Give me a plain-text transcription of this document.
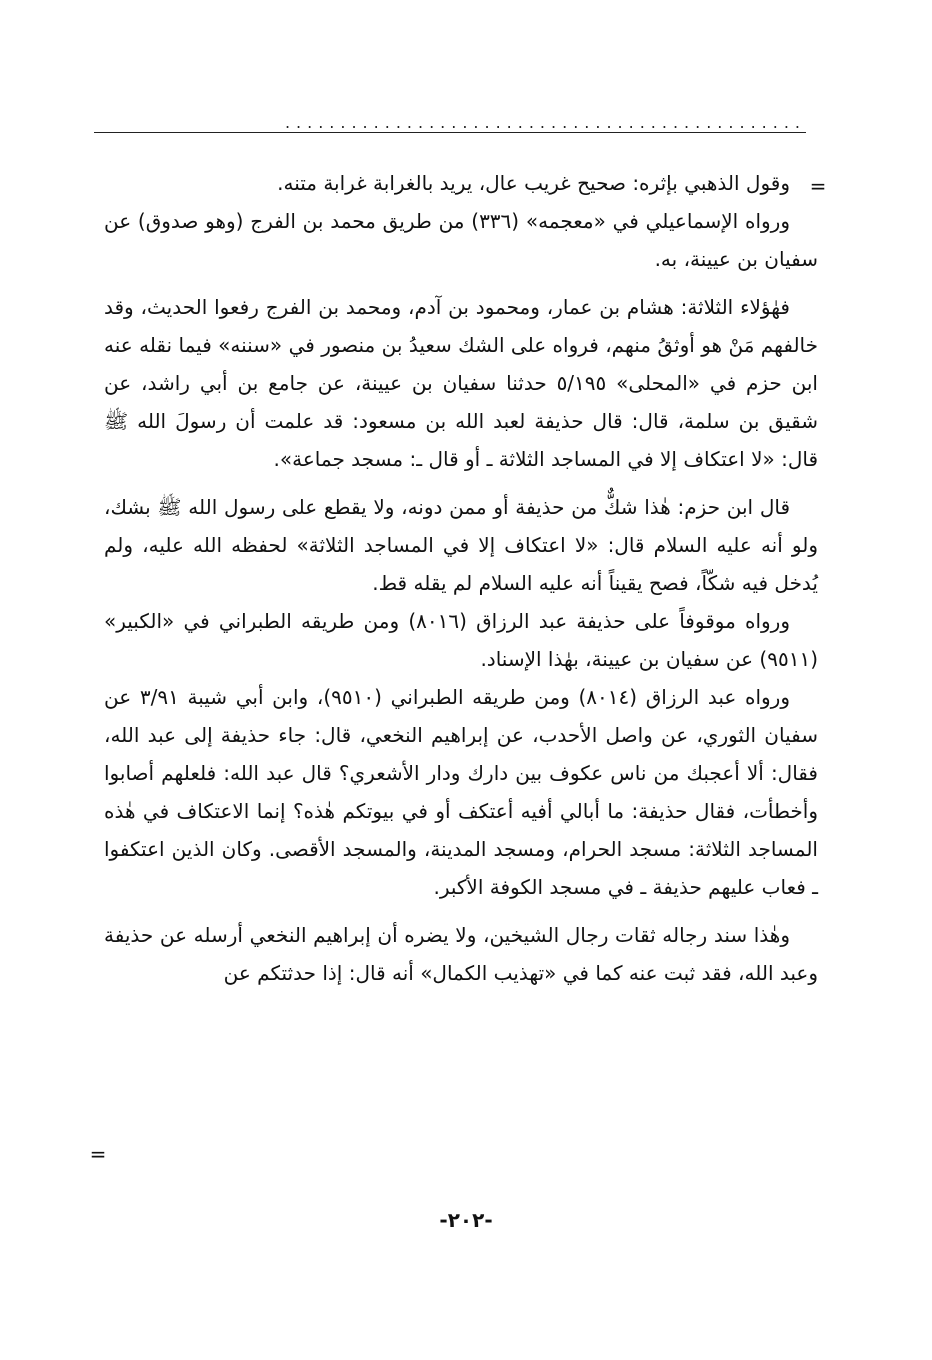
...............................................
=

وقول الذهبي بإثره: صحيح غريب عال، يريد بالغرابة غرابة متنه.

ورواه الإسماعيلي في «معجمه» (٣٣٦) من طريق محمد بن الفرج (وهو صدوق) عن سفيان بن عيينة، به.

فهٰؤلاء الثلاثة: هشام بن عمار، ومحمود بن آدم، ومحمد بن الفرج رفعوا الحديث، وقد خالفهم مَنْ هو أوثقُ منهم، فرواه على الشك سعيدُ بن منصور في «سننه» فيما نقله عنه ابن حزم في «المحلى» ٥/١٩٥ حدثنا سفيان بن عيينة، عن جامع بن أبي راشد، عن شقيق بن سلمة، قال: قال حذيفة لعبد الله بن مسعود: قد علمت أن رسولَ الله ﷺ قال: «لا اعتكاف إلا في المساجد الثلاثة ـ أو قال ـ: مسجد جماعة».

قال ابن حزم: هٰذا شكٌّ من حذيفة أو ممن دونه، ولا يقطع على رسول الله ﷺ بشك، ولو أنه عليه السلام قال: «لا اعتكاف إلا في المساجد الثلاثة» لحفظه الله عليه، ولم يُدخل فيه شكّاً، فصح يقيناً أنه عليه السلام لم يقله قط.

ورواه موقوفاً على حذيفة عبد الرزاق (٨٠١٦) ومن طريقه الطبراني في «الكبير» (٩٥١١) عن سفيان بن عيينة، بهٰذا الإسناد.

ورواه عبد الرزاق (٨٠١٤) ومن طريقه الطبراني (٩٥١٠)، وابن أبي شيبة ٣/٩١ عن سفيان الثوري، عن واصل الأحدب، عن إبراهيم النخعي، قال: جاء حذيفة إلى عبد الله، فقال: ألا أعجبك من ناس عكوف بين دارك ودار الأشعري؟ قال عبد الله: فلعلهم أصابوا وأخطأت، فقال حذيفة: ما أبالي أفيه أعتكف أو في بيوتكم هٰذه؟ إنما الاعتكاف في هٰذه المساجد الثلاثة: مسجد الحرام، ومسجد المدينة، والمسجد الأقصى. وكان الذين اعتكفوا ـ فعاب عليهم حذيفة ـ في مسجد الكوفة الأكبر.

وهٰذا سند رجاله ثقات رجال الشيخين، ولا يضره أن إبراهيم النخعي أرسله عن حذيفة وعبد الله، فقد ثبت عنه كما في «تهذيب الكمال» أنه قال: إذا حدثتكم عن

=
-٢٠٢-
